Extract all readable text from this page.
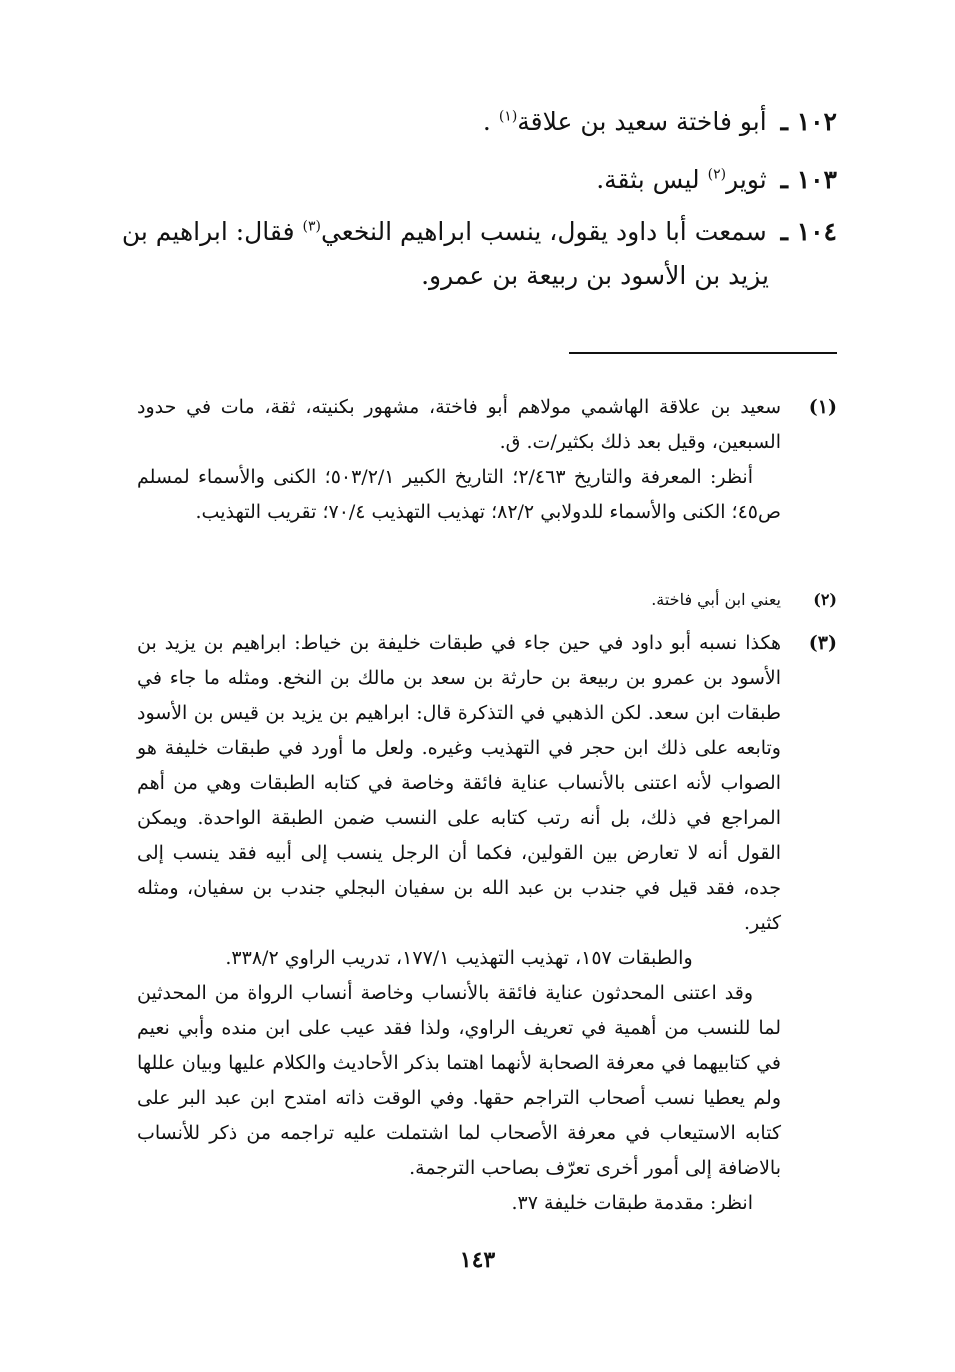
١٠٢ ـ أبو فاختة سعيد بن علاقة$^{(١)}$ .
١٠٣ ـ ثوير$^{(٢)}$ ليس بثقة.
١٠٤ ـ سمعت أبا داود يقول، ينسب ابراهيم النخعي$^{(٣)}$ فقال: ابراهيم بن
يزيد بن الأسود بن ربيعة بن عمرو.
(١)

سعيد بن علاقة الهاشمي مولاهم أبو فاختة، مشهور بكنيته، ثقة، مات في حدود السبعين، وقيل بعد ذلك بكثير/ت. ق.

أنظر: المعرفة والتاريخ ٢/٤٦٣؛ التاريخ الكبير ٥٠٣/٢/١؛ الكنى والأسماء لمسلم ص٤٥؛ الكنى والأسماء للدولابي ٨٢/٢؛ تهذيب التهذيب ٧٠/٤؛ تقريب التهذيب.

(٢)

يعني ابن أبي فاختة.

(٣)

هكذا نسبه أبو داود في حين جاء في طبقات خليفة بن خياط: ابراهيم بن يزيد بن الأسود بن عمرو بن ربيعة بن حارثة بن سعد بن مالك بن النخع. ومثله ما جاء في طبقات ابن سعد. لكن الذهبي في التذكرة قال: ابراهيم بن يزيد بن قيس بن الأسود وتابعه على ذلك ابن حجر في التهذيب وغيره. ولعل ما أورد في طبقات خليفة هو الصواب لأنه اعتنى بالأنساب عناية فائقة وخاصة في كتابه الطبقات وهي من أهم المراجع في ذلك، بل أنه رتب كتابه على النسب ضمن الطبقة الواحدة. ويمكن القول أنه لا تعارض بين القولين، فكما أن الرجل ينسب إلى أبيه فقد ينسب إلى جده، فقد قيل في جندب بن عبد الله بن سفيان البجلي جندب بن سفيان، ومثله كثير.

والطبقات ١٥٧، تهذيب التهذيب ١٧٧/١، تدريب الراوي ٣٣٨/٢.

وقد اعتنى المحدثون عناية فائقة بالأنساب وخاصة أنساب الرواة من المحدثين لما للنسب من أهمية في تعريف الراوي، ولذا فقد عيب على ابن منده وأبي نعيم في كتابيهما في معرفة الصحابة لأنهما اهتما بذكر الأحاديث والكلام عليها وبيان عللها ولم يعطيا نسب أصحاب التراجم حقها. وفي الوقت ذاته امتدح ابن عبد البر على كتابه الاستيعاب في معرفة الأصحاب لما اشتملت عليه تراجمه من ذكر للأنساب بالاضافة إلى أمور أخرى تعرّف بصاحب الترجمة.

انظر: مقدمة طبقات خليفة ٣٧.

١٤٣
